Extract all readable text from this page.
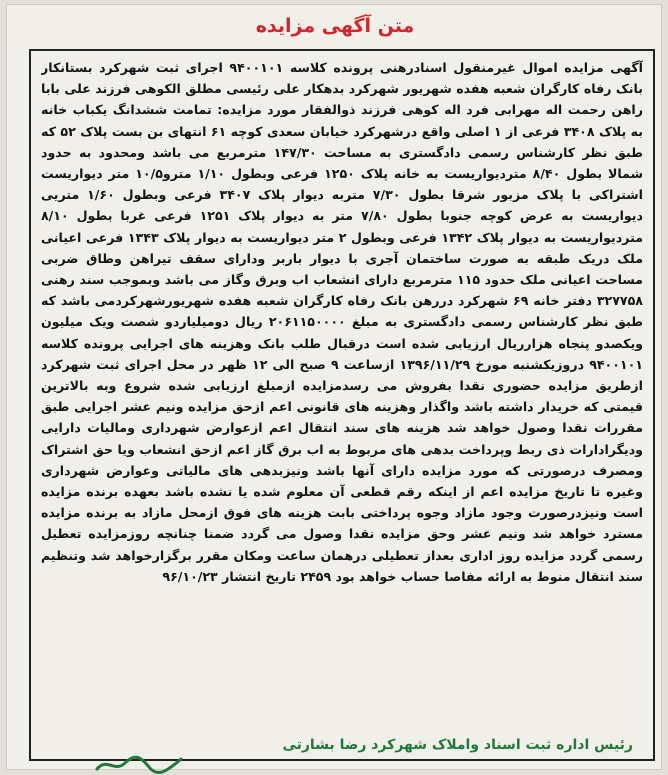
متن آگهی مزایده
آگهی مزایده اموال غیرمنقول اسنادرهنی پرونده کلاسه ۹۴۰۰۱۰۱ اجرای ثبت شهرکرد بستانکار بانک رفاه کارگران شعبه هفده شهریور شهرکرد بدهکار علی رئیسی مطلق الکوهی فرزند علی بابا راهن رحمت اله مهرابی فرد اله کوهی فرزند ذوالفقار مورد مزایده: تمامت ششدانگ یکباب خانه به پلاک ۳۴۰۸ فرعی از ۱ اصلی واقع درشهرکرد خیابان سعدی کوچه ۶۱ انتهای بن بست پلاک ۵۲ که طبق نظر کارشناس رسمی دادگستری به مساحت ۱۴۷/۳۰ مترمربع می باشد ومحدود به حدود شمالا بطول ۸/۴۰ متردیواریست به خانه پلاک ۱۲۵۰ فرعی وبطول ۱/۱۰ مترو۱۰/۵ متر دیواریست اشتراکی با پلاک مزبور شرقا بطول ۷/۳۰ متربه دیوار پلاک ۳۴۰۷ فرعی وبطول ۱/۶۰ متریی دیواریست به عرض کوچه جنوبا بطول ۷/۸۰ متر به دیوار پلاک ۱۲۵۱ فرعی غربا بطول ۸/۱۰ متردیواریست به دیوار پلاک ۱۳۴۲ فرعی وبطول ۲ متر دیواریست به دیوار پلاک ۱۳۴۳ فرعی اعیانی ملک دریک طبقه به صورت ساختمان آجری با دیوار باربر ودارای سقف تیراهن وطاق ضربی مساحت اعیانی ملک حدود ۱۱۵ مترمربع دارای انشعاب اب وبرق وگاز می باشد وبموجب سند رهنی ۳۲۷۷۵۸ دفتر خانه ۶۹ شهرکرد دررهن بانک رفاه کارگران شعبه هفده شهریورشهرکردمی باشد که طبق نظر کارشناس رسمی دادگستری به مبلغ ۲۰۶۱۱۵۰۰۰۰ ریال دومیلیاردو شصت ویک میلیون ویکصدو پنجاه هزارریال ارزیابی شده است درقبال طلب بانک وهزینه های اجرایی پرونده کلاسه ۹۴۰۰۱۰۱ دروزیکشنبه مورخ ۱۳۹۶/۱۱/۲۹ ازساعت ۹ صبح الی ۱۲ ظهر در محل اجرای ثبت شهرکرد ازطریق مزایده حضوری نقدا بفروش می رسدمزایده ازمبلغ ارزیابی شده شروع وبه بالاترین قیمتی که خریدار داشته باشد واگذار وهزینه های قانونی اعم ازحق مزایده ونیم عشر اجرایی طبق مقررات نقدا وصول خواهد شد هزینه های سند انتقال اعم ازعوارض شهرداری ومالیات دارایی ودیگرادارات ذی ربط وپرداخت بدهی های مربوط به اب برق گاز اعم ازحق انشعاب ویا حق اشتراک ومصرف درصورتی که مورد مزایده دارای آنها باشد ونیزبدهی های مالیاتی وعوارض شهرداری وغیره تا تاریخ مزایده اعم از اینکه رقم قطعی آن معلوم شده یا نشده باشد بعهده برنده مزایده است ونیزدرصورت وجود مازاد وجوه پرداختی بابت هزینه های فوق ازمحل مازاد به برنده مزایده مسترد خواهد شد ونیم عشر وحق مزایده نقدا وصول می گردد ضمنا چنانچه روزمزایده تعطیل رسمی گردد مزایده روز اداری بعداز تعطیلی درهمان ساعت ومکان مقرر برگزارخواهد شد وتنظیم سند انتقال منوط به ارائه مفاصا حساب خواهد بود ۲۴۵۹ تاریخ انتشار ۹۶/۱۰/۲۳
رئیس اداره ثبت اسناد واملاک شهرکرد رضا بشارتی
